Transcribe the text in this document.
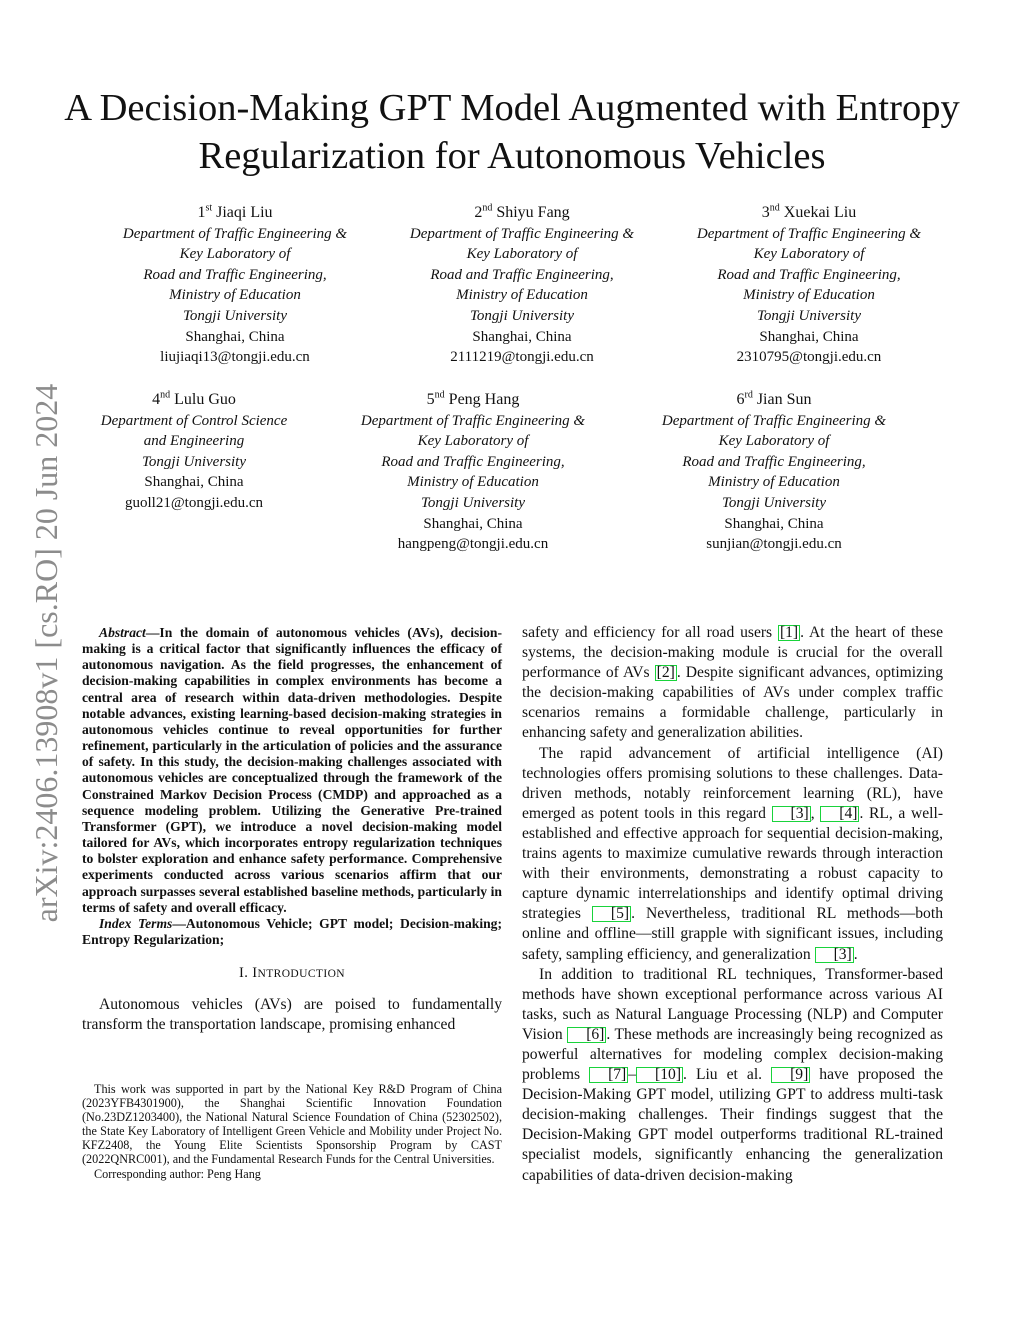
arXiv:2406.13908v1 [cs.RO] 20 Jun 2024
A Decision-Making GPT Model Augmented with Entropy Regularization for Autonomous Vehicles
1st Jiaqi Liu
Department of Traffic Engineering &
Key Laboratory of
Road and Traffic Engineering,
Ministry of Education
Tongji University
Shanghai, China
liujiaqi13@tongji.edu.cn
2nd Shiyu Fang
Department of Traffic Engineering &
Key Laboratory of
Road and Traffic Engineering,
Ministry of Education
Tongji University
Shanghai, China
2111219@tongji.edu.cn
3nd Xuekai Liu
Department of Traffic Engineering &
Key Laboratory of
Road and Traffic Engineering,
Ministry of Education
Tongji University
Shanghai, China
2310795@tongji.edu.cn
4nd Lulu Guo
Department of Control Science
and Engineering
Tongji University
Shanghai, China
guoll21@tongji.edu.cn
5nd Peng Hang
Department of Traffic Engineering &
Key Laboratory of
Road and Traffic Engineering,
Ministry of Education
Tongji University
Shanghai, China
hangpeng@tongji.edu.cn
6rd Jian Sun
Department of Traffic Engineering &
Key Laboratory of
Road and Traffic Engineering,
Ministry of Education
Tongji University
Shanghai, China
sunjian@tongji.edu.cn

Abstract—In the domain of autonomous vehicles (AVs), decision-making is a critical factor that significantly influences the efficacy of autonomous navigation. As the field progresses, the enhancement of decision-making capabilities in complex environments has become a central area of research within data-driven methodologies. Despite notable advances, existing learning-based decision-making strategies in autonomous vehicles continue to reveal opportunities for further refinement, particularly in the articulation of policies and the assurance of safety. In this study, the decision-making challenges associated with autonomous vehicles are conceptualized through the framework of the Constrained Markov Decision Process (CMDP) and approached as a sequence modeling problem. Utilizing the Generative Pre-trained Transformer (GPT), we introduce a novel decision-making model tailored for AVs, which incorporates entropy regularization techniques to bolster exploration and enhance safety performance. Comprehensive experiments conducted across various scenarios affirm that our approach surpasses several established baseline methods, particularly in terms of safety and overall efficacy.

Index Terms—Autonomous Vehicle; GPT model; Decision-making; Entropy Regularization;

I. INTRODUCTION

Autonomous vehicles (AVs) are poised to fundamentally transform the transportation landscape, promising enhanced

This work was supported in part by the National Key R&D Program of China (2023YFB4301900), the Shanghai Scientific Innovation Foundation (No.23DZ1203400), the National Natural Science Foundation of China (52302502), the State Key Laboratory of Intelligent Green Vehicle and Mobility under Project No. KFZ2408, the Young Elite Scientists Sponsorship Program by CAST (2022QNRC001), and the Fundamental Research Funds for the Central Universities.

Corresponding author: Peng Hang

safety and efficiency for all road users [1] . At the heart of these systems, the decision-making module is crucial for the overall performance of AVs [2] . Despite significant advances, optimizing the decision-making capabilities of AVs under complex traffic scenarios remains a formidable challenge, particularly in enhancing safety and generalization abilities.

The rapid advancement of artificial intelligence (AI) technologies offers promising solutions to these challenges. Data-driven methods, notably reinforcement learning (RL), have emerged as potent tools in this regard [3] , [4] . RL, a well-established and effective approach for sequential decision-making, trains agents to maximize cumulative rewards through interaction with their environments, demonstrating a robust capacity to capture dynamic interrelationships and identify optimal driving strategies [5] . Nevertheless, traditional RL methods—both online and offline—still grapple with significant issues, including safety, sampling efficiency, and generalization [3] .

In addition to traditional RL techniques, Transformer-based methods have shown exceptional performance across various AI tasks, such as Natural Language Processing (NLP) and Computer Vision [6] . These methods are increasingly being recognized as powerful alternatives for modeling complex decision-making problems [7] – [10] . Liu et al. [9] have proposed the Decision-Making GPT model, utilizing GPT to address multi-task decision-making challenges. Their findings suggest that the Decision-Making GPT model outperforms traditional RL-trained specialist models, significantly enhancing the generalization capabilities of data-driven decision-making
